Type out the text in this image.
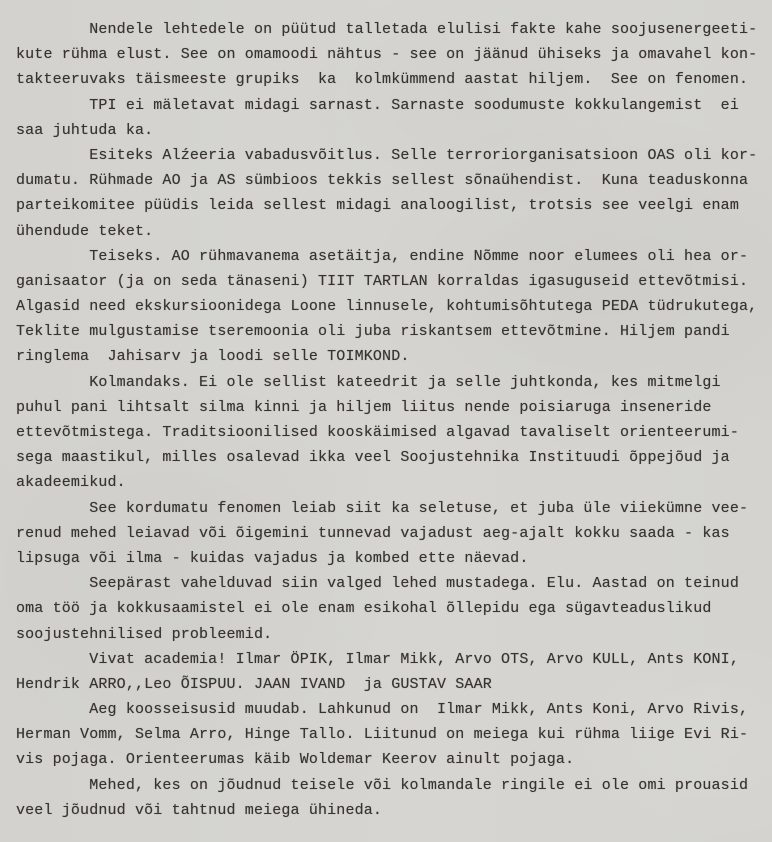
Nendele lehtedele on püütud talletada elulisi fakte kahe soojusenergeeti-
kute rühma elust. See on omamoodi nähtus - see on jäänud ühiseks ja omavahel kon-
takteeruvaks täismeeste grupiks  ka  kolmkümmend aastat hiljem.  See on fenomen.
TPI ei mäletavat midagi sarnast. Sarnaste soodumuste kokkulangemist  ei
saa juhtuda ka.
Esiteks Alźeeria vabadusvõitlus. Selle terroriorganisatsioon OAS oli kor-
dumatu. Rühmade AO ja AS sümbioos tekkis sellest sõnaühendist.  Kuna teaduskonna
parteikomitee püüdis leida sellest midagi analoogilist, trotsis see veelgi enam
ühendude teket.
Teiseks. AO rühmavanema asetäitja, endine Nõmme noor elumees oli hea or-
ganisaator (ja on seda tänaseni) TIIT TARTLAN korraldas igasuguseid ettevõtmisi.
Algasid need ekskursioonidega Loone linnusele, kohtumisõhtutega PEDA tüdrukutega,
Teklite mulgustamise tseremoonia oli juba riskantsem ettevõtmine. Hiljem pandi
ringlema  Jahisarv ja loodi selle TOIMKOND.
Kolmandaks. Ei ole sellist kateedrit ja selle juhtkonda, kes mitmelgi
puhul pani lihtsalt silma kinni ja hiljem liitus nende poisiaruga inseneride
ettevõtmistega. Traditsioonilised kooskäimised algavad tavaliselt orienteerumi-
sega maastikul, milles osalevad ikka veel Soojustehnika Instituudi õppejõud ja
akadeemikud.
See kordumatu fenomen leiab siit ka seletuse, et juba üle viiekümne vee-
renud mehed leiavad või õigemini tunnevad vajadust aeg-ajalt kokku saada - kas
lipsuga või ilma - kuidas vajadus ja kombed ette näevad.
Seepärast vahelduvad siin valged lehed mustadega. Elu. Aastad on teinud
oma töö ja kokkusaamistel ei ole enam esikohal õllepidu ega sügavteaduslikud
soojustehnilised probleemid.
Vivat academia! Ilmar ÖPIK, Ilmar Mikk, Arvo OTS, Arvo KULL, Ants KONI,
Hendrik ARRO,,Leo ÕISPUU. JAAN IVAND  ja GUSTAV SAAR
Aeg koosseisusid muudab. Lahkunud on  Ilmar Mikk, Ants Koni, Arvo Rivis,
Herman Vomm, Selma Arro, Hinge Tallo. Liitunud on meiega kui rühma liige Evi Ri-
vis pojaga. Orienteerumas käib Woldemar Keerov ainult pojaga.
Mehed, kes on jõudnud teisele või kolmandale ringile ei ole omi prouasid
veel jõudnud või tahtnud meiega ühineda.
